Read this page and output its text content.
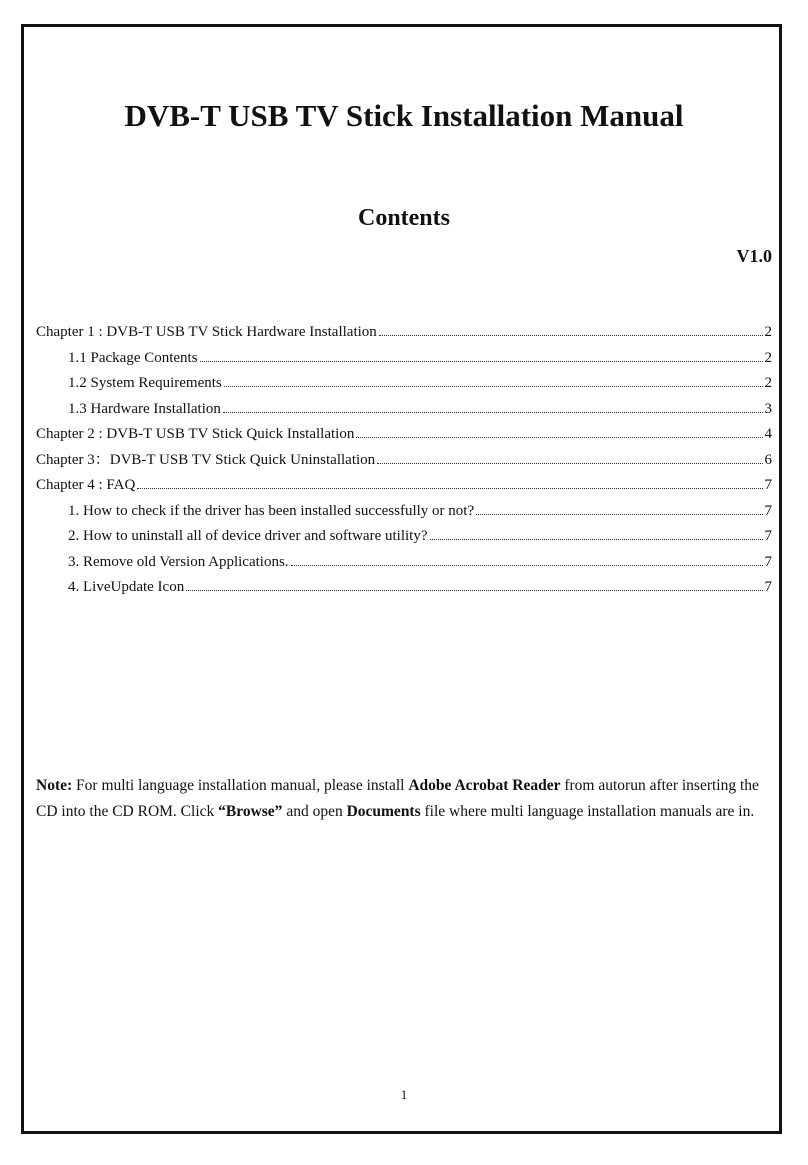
DVB-T USB TV Stick Installation Manual
Contents
V1.0
Chapter 1 : DVB-T USB TV Stick Hardware Installation	2
1.1 Package Contents	2
1.2 System Requirements	2
1.3 Hardware Installation	3
Chapter 2 : DVB-T USB TV Stick Quick Installation	4
Chapter 3：DVB-T USB TV Stick Quick Uninstallation	6
Chapter 4 : FAQ	7
1. How to check if the driver has been installed successfully or not?	7
2. How to uninstall all of device driver and software utility?	7
3. Remove old Version Applications.	7
4. LiveUpdate Icon	7

Note: For multi language installation manual, please install Adobe Acrobat Reader from autorun after inserting the CD into the CD ROM. Click “Browse” and open Documents file where multi language installation manuals are in.

1
